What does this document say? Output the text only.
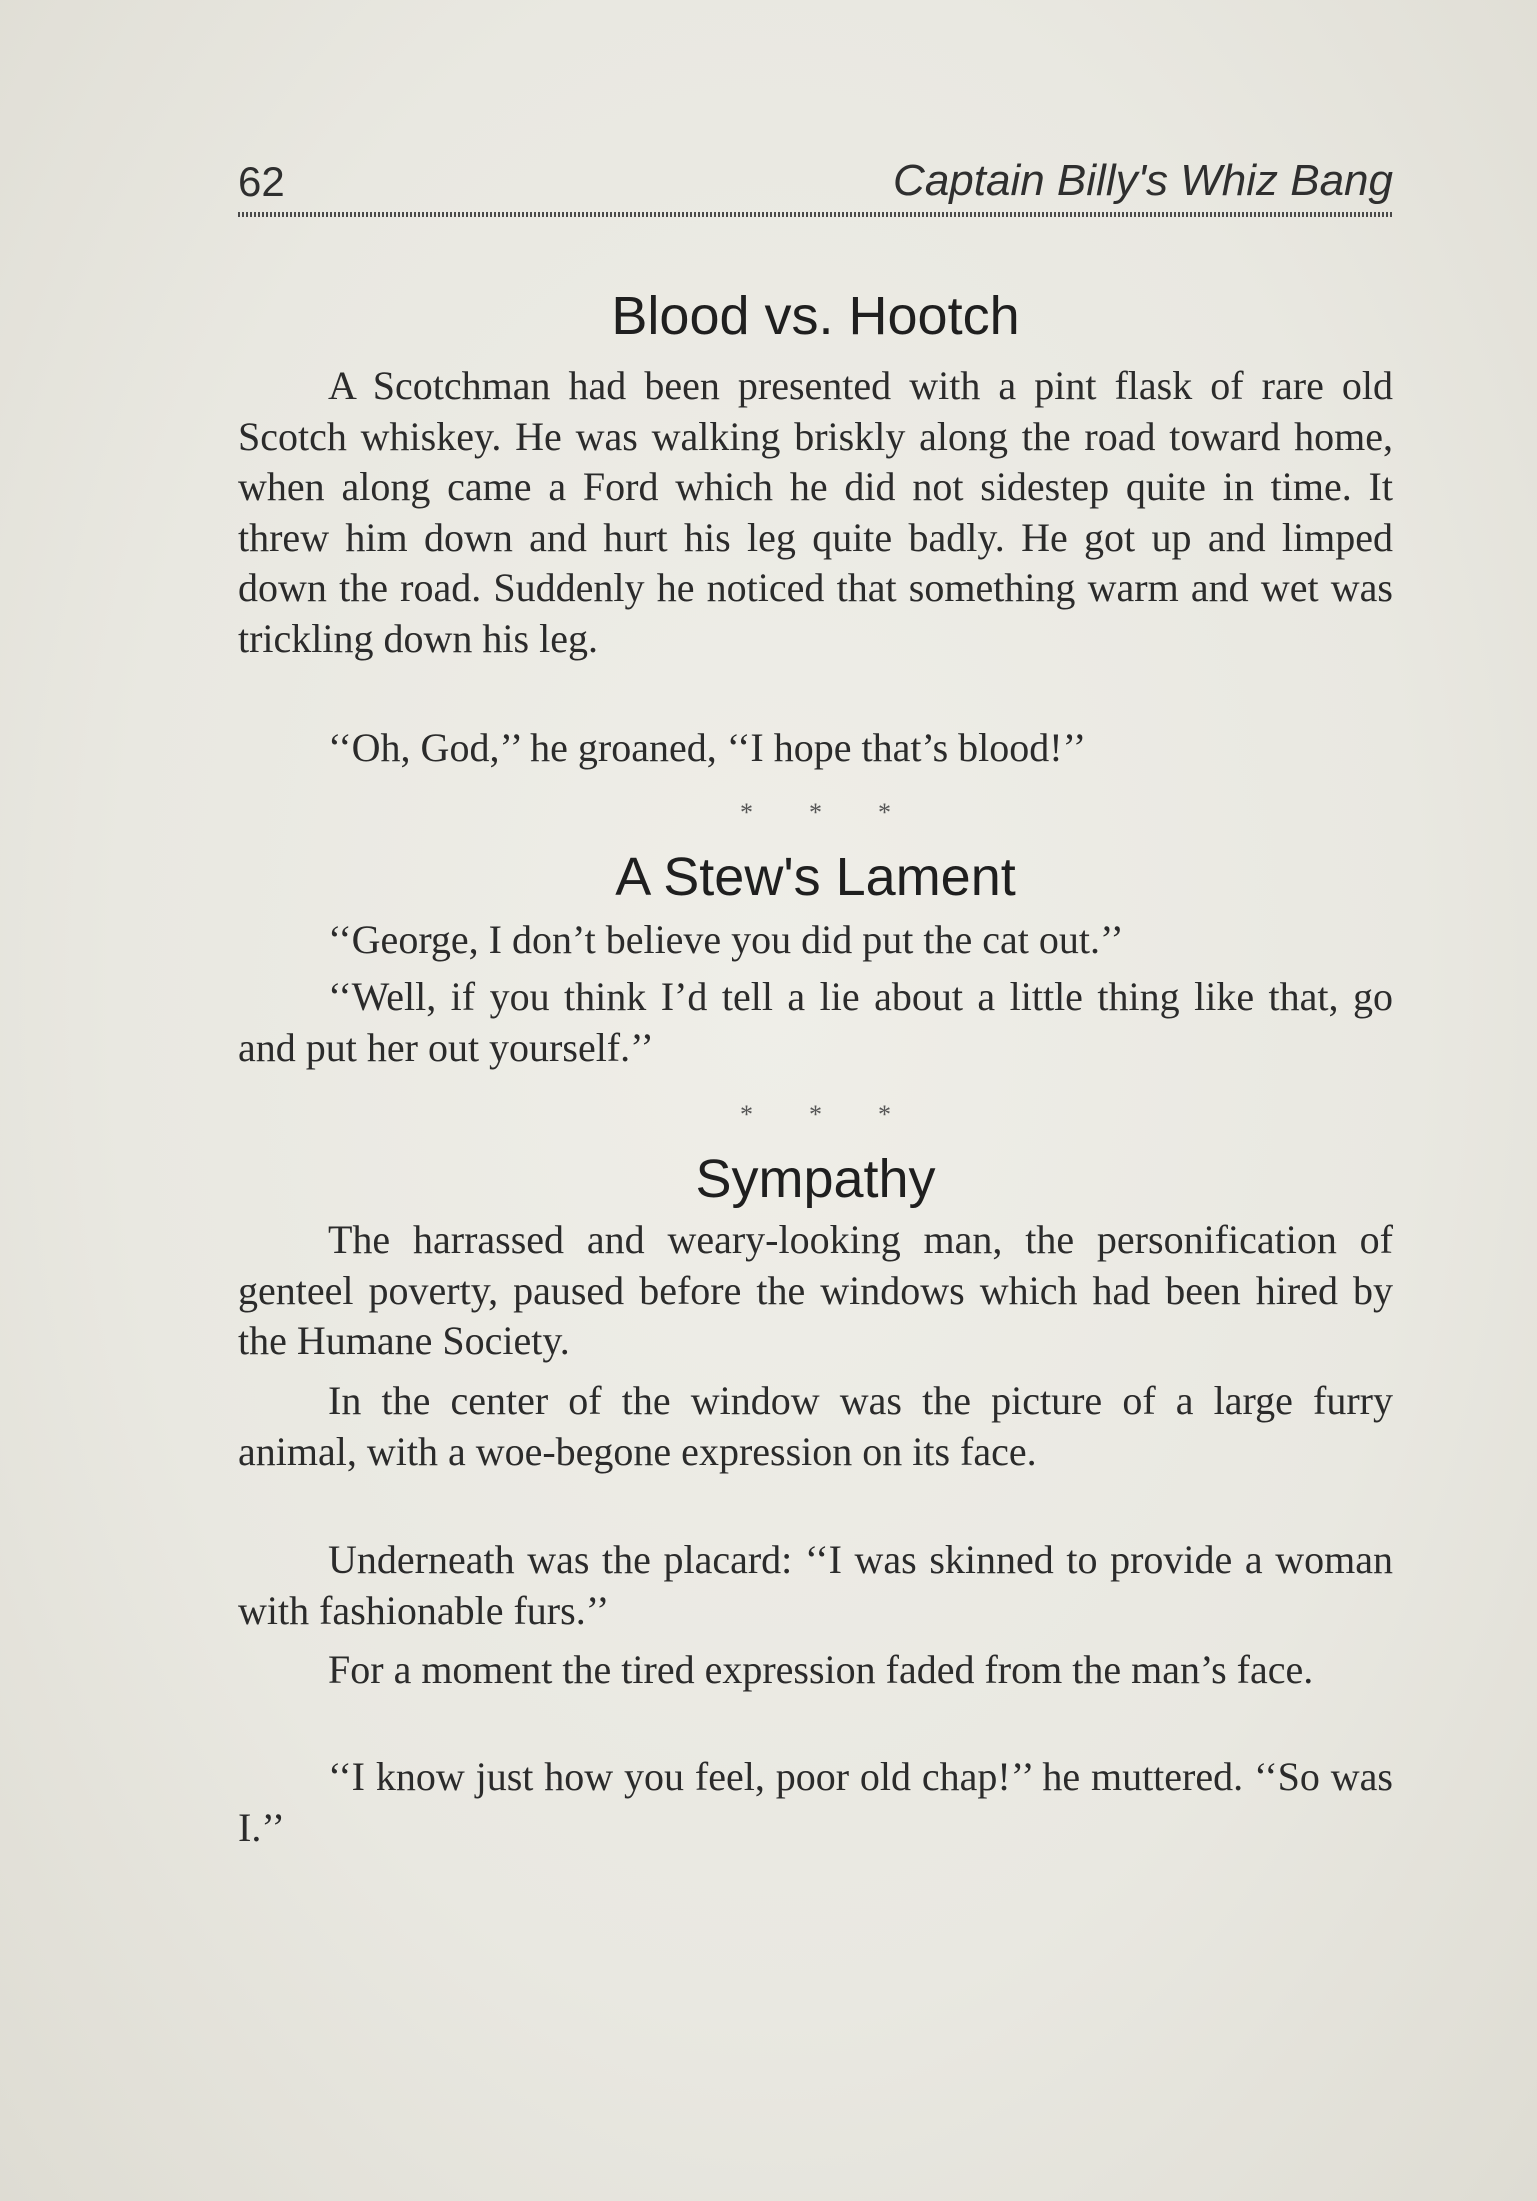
62	Captain Billy's Whiz Bang
Blood vs. Hootch

A Scotchman had been presented with a pint flask of rare old Scotch whiskey. He was walking briskly along the road toward home, when along came a Ford which he did not sidestep quite in time. It threw him down and hurt his leg quite badly. He got up and limped down the road. Suddenly he noticed that something warm and wet was trickling down his leg.

‘‘Oh, God,’’ he groaned, ‘‘I hope that’s blood!’’

* * *
A Stew's Lament

‘‘George, I don’t believe you did put the cat out.’’

‘‘Well, if you think I’d tell a lie about a little thing like that, go and put her out yourself.’’

* * *
Sympathy

The harrassed and weary-looking man, the personification of genteel poverty, paused before the windows which had been hired by the Humane Society.

In the center of the window was the picture of a large furry animal, with a woe-begone expression on its face.

Underneath was the placard: ‘‘I was skinned to provide a woman with fashionable furs.’’

For a moment the tired expression faded from the man’s face.

‘‘I know just how you feel, poor old chap!’’ he muttered. ‘‘So was I.’’
